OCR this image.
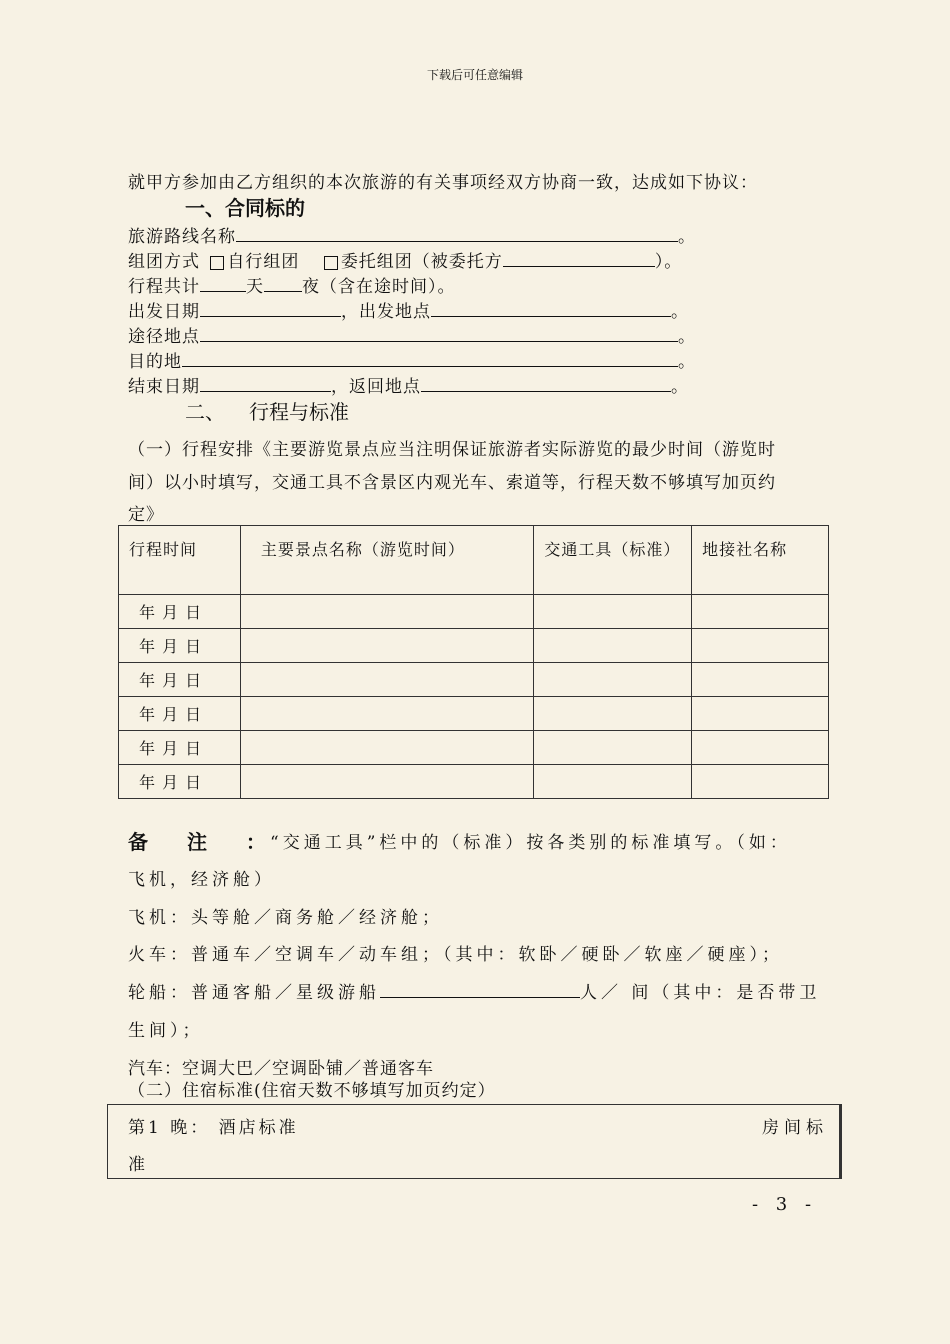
下载后可任意编辑
就甲方参加由乙方组织的本次旅游的有关事项经双方协商一致，达成如下协议：
一、合同标的
旅游路线名称	。
组团方式 自行组团 委托组团（被委托方	）。
行程共计	天 夜（含在途时间）。
出发日期	，出发地点	。
途径地点	。
目的地	。
结束日期	，返回地点	。
二、 行程与标准
（一）行程安排《主要游览景点应当注明保证旅游者实际游览的最少时间（游览时
间）以小时填写，交通工具不含景区内观光车、索道等，行程天数不够填写加页约
定》
行程时间	主要景点名称（游览时间）	交通工具（标准）	地接社名称

年 月 日			
年 月 日			
年 月 日			
年 月 日			
年 月 日			
年 月 日			
备 注 ：
“交通工具”栏中的（标准）按各类别的标准填写。（如：
飞机，经济舱）
飞机：头等舱／商务舱／经济舱；
火车：普通车／空调车／动车组；（其中：软卧／硬卧／软座／硬座）；
轮船：普通客船／星级游船	人／ 间（其中：是否带卫
生间）；
汽车：空调大巴／空调卧铺／普通客车
（二）住宿标准(住宿天数不够填写加页约定）
第1 晚： 酒店标准	房间标
准
- 3 -
